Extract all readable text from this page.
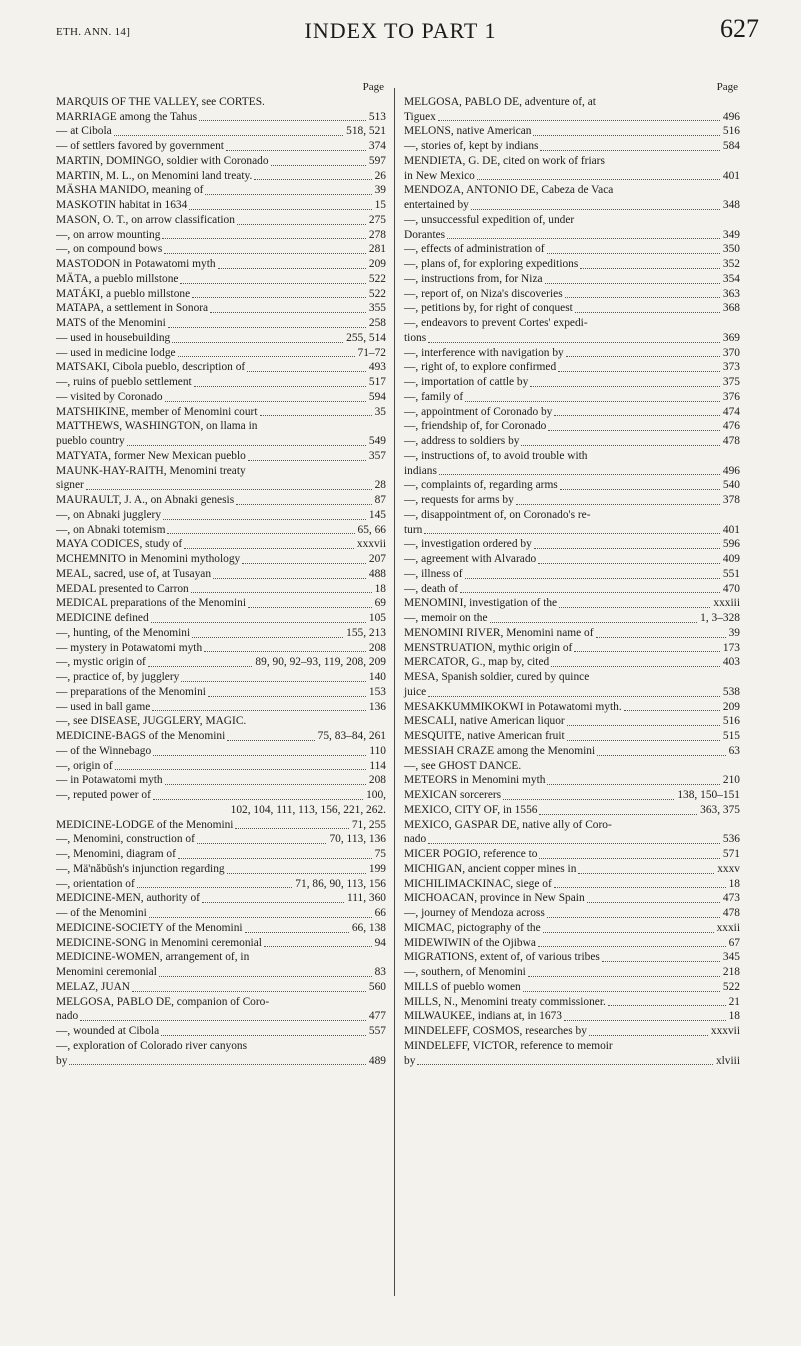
ETH. ANN. 14]	INDEX TO PART 1	627
Page
MARQUIS OF THE VALLEY, see CORTES.
MARRIAGE among the Tahus	513
— at Cibola	518, 521
— of settlers favored by government	374
MARTIN, DOMINGO, soldier with Coronado	597
MARTIN, M. L., on Menomini land treaty.	26
MÄSHA MANIDO, meaning of	39
MASKOTIN habitat in 1634	15
MASON, O. T., on arrow classification	275
—, on arrow mounting	278
—, on compound bows	281
MASTODON in Potawatomi myth	209
MÄTA, a pueblo millstone	522
MATÁKI, a pueblo millstone	522
MATAPA, a settlement in Sonora	355
MATS of the Menomini	258
— used in housebuilding	255, 514
— used in medicine lodge	71–72
MATSAKI, Cibola pueblo, description of	493
—, ruins of pueblo settlement	517
— visited by Coronado	594
MATSHIKINE, member of Menomini court	35
MATTHEWS, WASHINGTON, on llama in
pueblo country	549
MATYATA, former New Mexican pueblo	357
MAUNK-HAY-RAITH, Menomini treaty
signer	28
MAURAULT, J. A., on Abnaki genesis	87
—, on Abnaki jugglery	145
—, on Abnaki totemism	65, 66
MAYA CODICES, study of	xxxvii
MCHEMNITO in Menomini mythology	207
MEAL, sacred, use of, at Tusayan	488
MEDAL presented to Carron	18
MEDICAL preparations of the Menomini	69
MEDICINE defined	105
—, hunting, of the Menomini	155, 213
— mystery in Potawatomi myth	208
—, mystic origin of	89, 90, 92–93, 119, 208, 209
—, practice of, by jugglery	140
— preparations of the Menomini	153
— used in ball game	136
—, see DISEASE, JUGGLERY, MAGIC.
MEDICINE-BAGS of the Menomini	75, 83–84, 261
— of the Winnebago	110
—, origin of	114
— in Potawatomi myth	208
—, reputed power of	100,
102, 104, 111, 113, 156, 221, 262.
MEDICINE-LODGE of the Menomini	71, 255
—, Menomini, construction of	70, 113, 136
—, Menomini, diagram of	75
—, Mä'năbŭsh's injunction regarding	199
—, orientation of	71, 86, 90, 113, 156
MEDICINE-MEN, authority of	111, 360
— of the Menomini	66
MEDICINE-SOCIETY of the Menomini	66, 138
MEDICINE-SONG in Menomini ceremonial	94
MEDICINE-WOMEN, arrangement of, in
Menomini ceremonial	83
MELAZ, JUAN	560
MELGOSA, PABLO DE, companion of Coro-
nado	477
—, wounded at Cibola	557
—, exploration of Colorado river canyons
by	489
Page
MELGOSA, PABLO DE, adventure of, at
Tiguex	496
MELONS, native American	516
—, stories of, kept by indians	584
MENDIETA, G. DE, cited on work of friars
in New Mexico	401
MENDOZA, ANTONIO DE, Cabeza de Vaca
entertained by	348
—, unsuccessful expedition of, under
Dorantes	349
—, effects of administration of	350
—, plans of, for exploring expeditions	352
—, instructions from, for Niza	354
—, report of, on Niza's discoveries	363
—, petitions by, for right of conquest	368
—, endeavors to prevent Cortes' expedi-
tions	369
—, interference with navigation by	370
—, right of, to explore confirmed	373
—, importation of cattle by	375
—, family of	376
—, appointment of Coronado by	474
—, friendship of, for Coronado	476
—, address to soldiers by	478
—, instructions of, to avoid trouble with
indians	496
—, complaints of, regarding arms	540
—, requests for arms by	378
—, disappointment of, on Coronado's re-
turn	401
—, investigation ordered by	596
—, agreement with Alvarado	409
—, illness of	551
—, death of	470
MENOMINI, investigation of the	xxxiii
—, memoir on the	1, 3–328
MENOMINI RIVER, Menomini name of	39
MENSTRUATION, mythic origin of	173
MERCATOR, G., map by, cited	403
MESA, Spanish soldier, cured by quince
juice	538
MESAKKUMMIKOKWI in Potawatomi myth.	209
MESCALI, native American liquor	516
MESQUITE, native American fruit	515
MESSIAH CRAZE among the Menomini	63
—, see GHOST DANCE.
METEORS in Menomini myth	210
MEXICAN sorcerers	138, 150–151
MEXICO, CITY OF, in 1556	363, 375
MEXICO, GASPAR DE, native ally of Coro-
nado	536
MICER POGIO, reference to	571
MICHIGAN, ancient copper mines in	xxxv
MICHILIMACKINAC, siege of	18
MICHOACAN, province in New Spain	473
—, journey of Mendoza across	478
MICMAC, pictography of the	xxxii
MIDEWIWIN of the Ojibwa	67
MIGRATIONS, extent of, of various tribes	345
—, southern, of Menomini	218
MILLS of pueblo women	522
MILLS, N., Menomini treaty commissioner.	21
MILWAUKEE, indians at, in 1673	18
MINDELEFF, COSMOS, researches by	xxxvii
MINDELEFF, VICTOR, reference to memoir
by	xlviii
